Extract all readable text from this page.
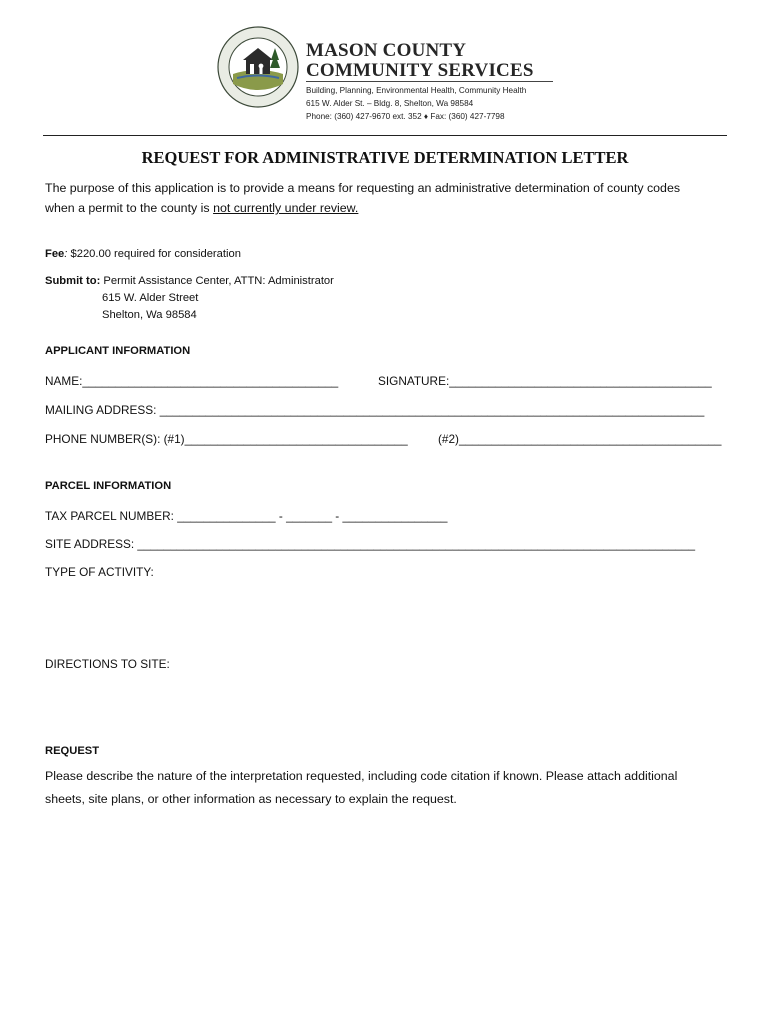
MASON COUNTY
COMMUNITY SERVICES
Building, Planning, Environmental Health, Community Health
615 W. Alder St. – Bldg. 8, Shelton, Wa 98584
Phone: (360) 427-9670 ext. 352 ♦ Fax: (360) 427-7798
REQUEST FOR ADMINISTRATIVE DETERMINATION LETTER
The purpose of this application is to provide a means for requesting an administrative determination of county codes
when a permit to the county is not currently under review.
Fee: $220.00 required for consideration
Submit to: Permit Assistance Center, ATTN: Administrator
615 W. Alder Street
Shelton, Wa 98584
APPLICANT INFORMATION
NAME:_______________________________________	SIGNATURE:________________________________________
MAILING ADDRESS: ___________________________________________________________________________________
PHONE NUMBER(S): (#1)__________________________________	(#2)________________________________________
PARCEL INFORMATION
TAX PARCEL NUMBER: _______________ - _______ - ________________
SITE ADDRESS: _____________________________________________________________________________________
TYPE OF ACTIVITY:
DIRECTIONS TO SITE:
REQUEST
Please describe the nature of the interpretation requested, including code citation if known. Please attach additional
sheets, site plans, or other information as necessary to explain the request.
